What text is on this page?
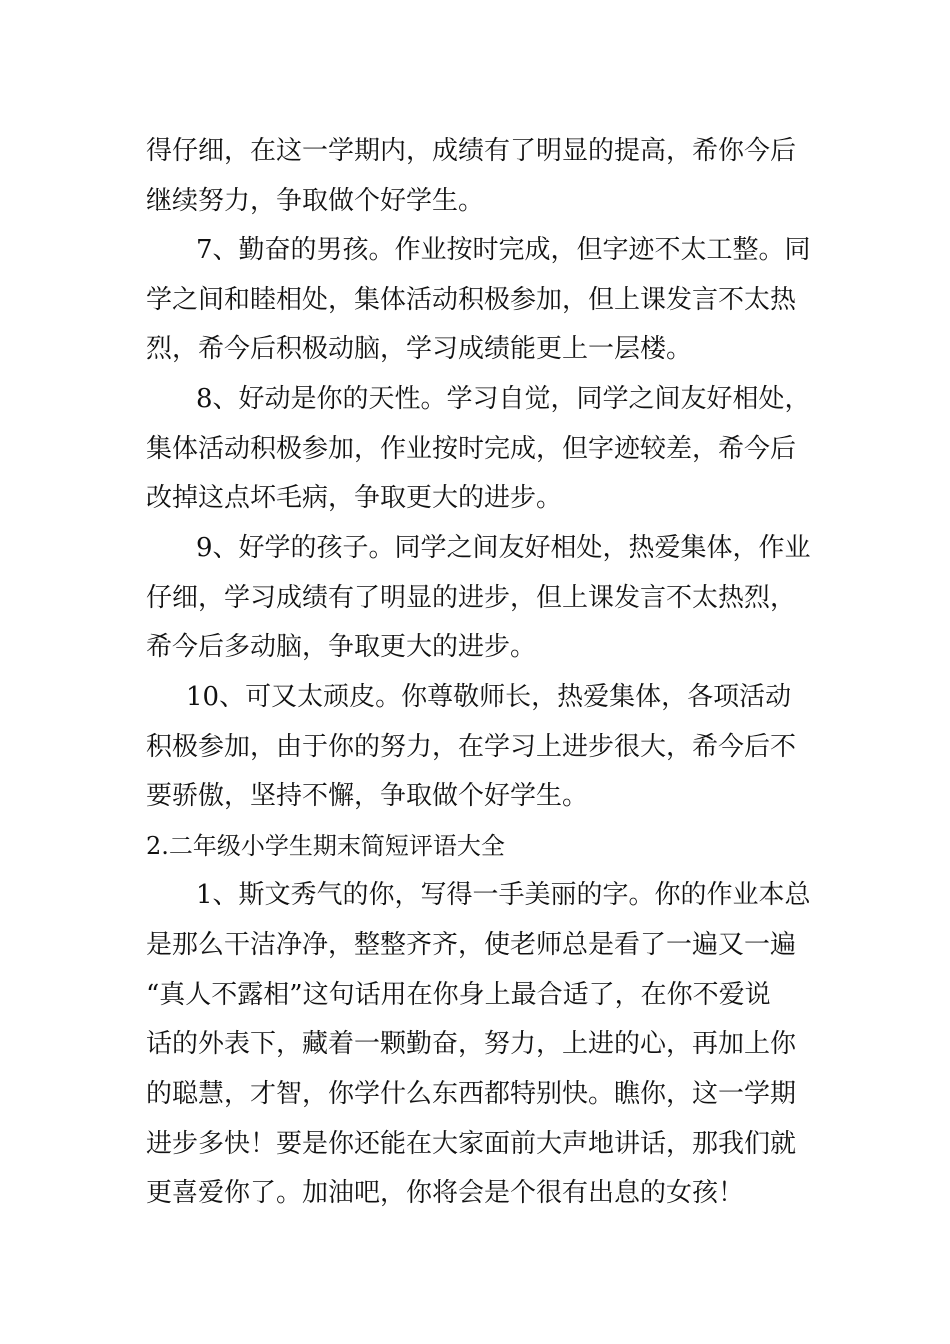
得仔细，在这一学期内，成绩有了明显的提高，希你今后
继续努力，争取做个好学生。
7、勤奋的男孩。作业按时完成，但字迹不太工整。同
学之间和睦相处，集体活动积极参加，但上课发言不太热
烈，希今后积极动脑，学习成绩能更上一层楼。
8、好动是你的天性。学习自觉，同学之间友好相处，
集体活动积极参加，作业按时完成，但字迹较差，希今后
改掉这点坏毛病，争取更大的进步。
9、好学的孩子。同学之间友好相处，热爱集体，作业
仔细，学习成绩有了明显的进步，但上课发言不太热烈，
希今后多动脑，争取更大的进步。
10、可又太顽皮。你尊敬师长，热爱集体，各项活动
积极参加，由于你的努力，在学习上进步很大，希今后不
要骄傲，坚持不懈，争取做个好学生。
2.二年级小学生期末简短评语大全
1、斯文秀气的你，写得一手美丽的字。你的作业本总
是那么干洁净净，整整齐齐，使老师总是看了一遍又一遍
“真人不露相”这句话用在你身上最合适了，在你不爱说
话的外表下，藏着一颗勤奋，努力，上进的心，再加上你
的聪慧，才智，你学什么东西都特别快。瞧你，这一学期
进步多快！要是你还能在大家面前大声地讲话，那我们就
更喜爱你了。加油吧，你将会是个很有出息的女孩！
